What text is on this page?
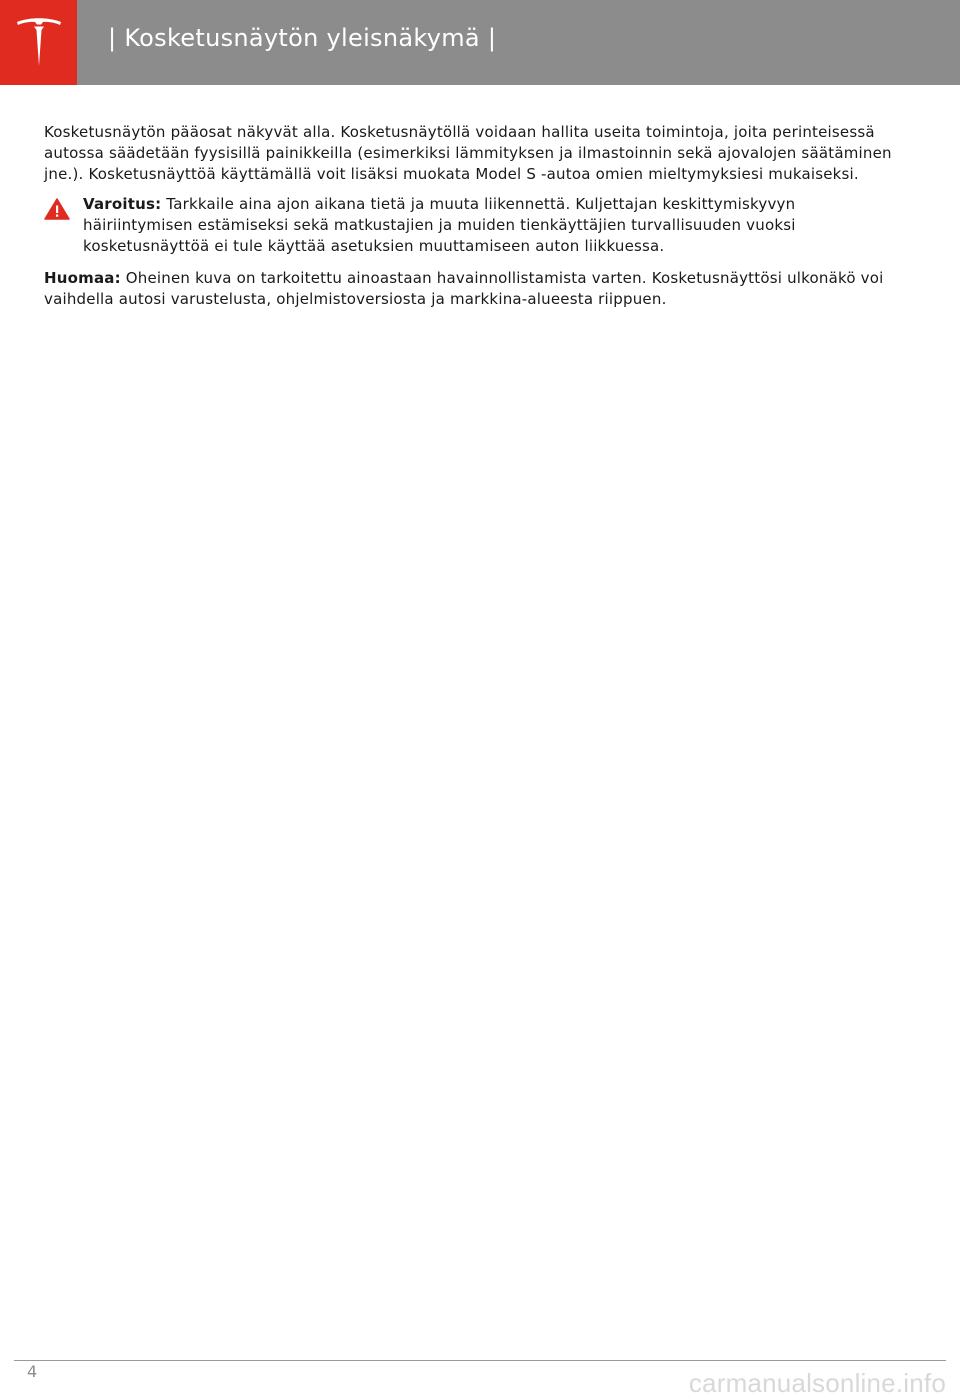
| Kosketusnäytön yleisnäkymä |

Kosketusnäytön pääosat näkyvät alla. Kosketusnäytöllä voidaan hallita useita toimintoja, joita perinteisessä autossa säädetään fyysisillä painikkeilla (esimerkiksi lämmityksen ja ilmastoinnin sekä ajovalojen säätäminen jne.). Kosketusnäyttöä käyttämällä voit lisäksi muokata Model S -autoa omien mieltymyksiesi mukaiseksi.

Varoitus: Tarkkaile aina ajon aikana tietä ja muuta liikennettä. Kuljettajan keskittymiskyvyn häiriintymisen estämiseksi sekä matkustajien ja muiden tienkäyttäjien turvallisuuden vuoksi kosketusnäyttöä ei tule käyttää asetuksien muuttamiseen auton liikkuessa.

Huomaa: Oheinen kuva on tarkoitettu ainoastaan havainnollistamista varten. Kosketusnäyttösi ulkonäkö voi vaihdella autosi varustelusta, ohjelmistoversiosta ja markkina-alueesta riippuen.

4	carmanualsonline.info
